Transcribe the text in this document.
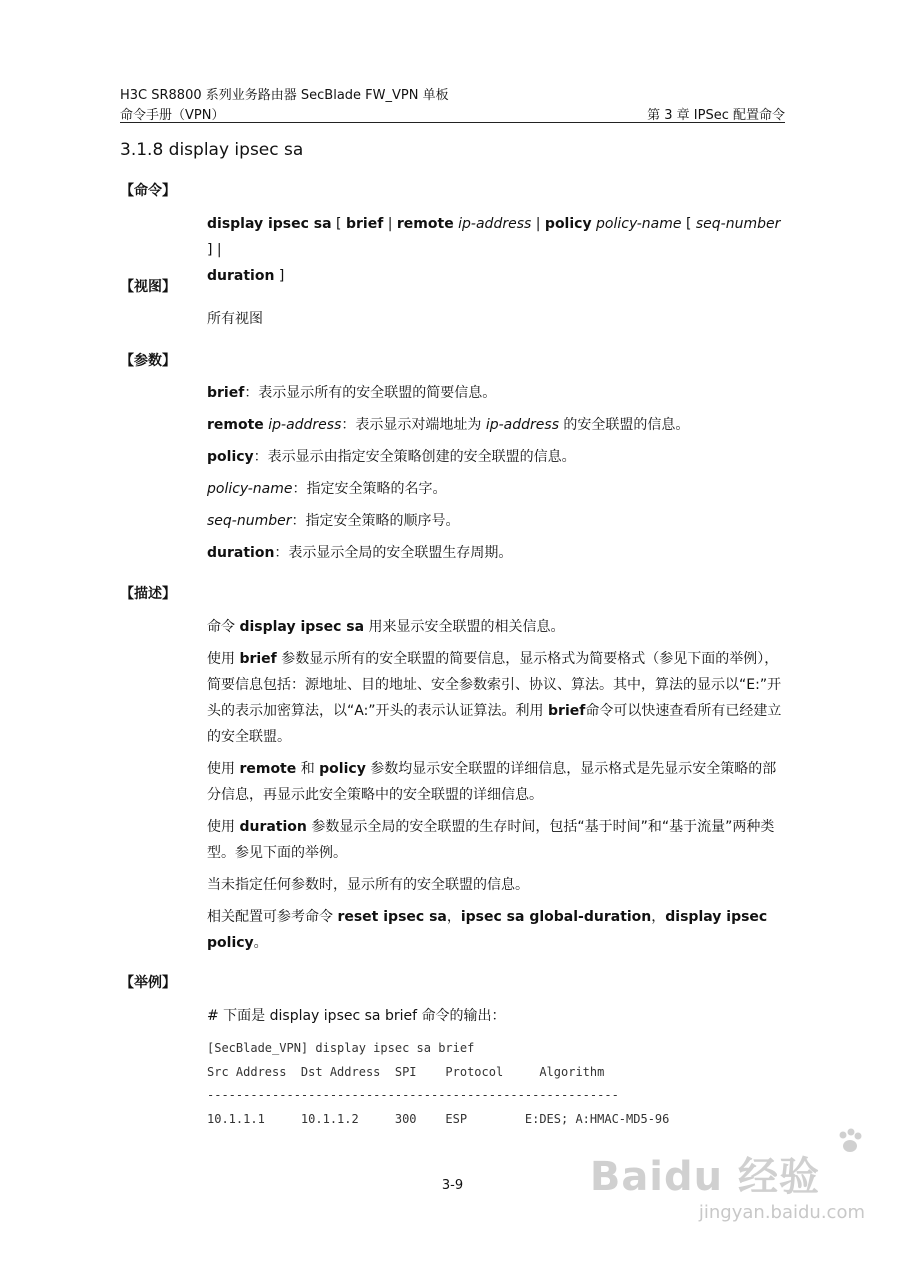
H3C SR8800 系列业务路由器 SecBlade FW_VPN 单板
命令手册（VPN）	第 3 章 IPSec 配置命令
3.1.8 display ipsec sa
【命令】
display ipsec sa [ brief | remote ip-address | policy policy-name [ seq-number ] |
duration ]
【视图】
所有视图
【参数】

brief：表示显示所有的安全联盟的简要信息。

remote ip-address：表示显示对端地址为 ip-address 的安全联盟的信息。

policy：表示显示由指定安全策略创建的安全联盟的信息。

policy-name：指定安全策略的名字。

seq-number：指定安全策略的顺序号。

duration：表示显示全局的安全联盟生存周期。

【描述】

命令 display ipsec sa 用来显示安全联盟的相关信息。

使用 brief 参数显示所有的安全联盟的简要信息，显示格式为简要格式（参见下面的举例），简要信息包括：源地址、目的地址、安全参数索引、协议、算法。其中，算法的显示以“E:”开头的表示加密算法，以“A:”开头的表示认证算法。利用 brief命令可以快速查看所有已经建立的安全联盟。

使用 remote 和 policy 参数均显示安全联盟的详细信息，显示格式是先显示安全策略的部分信息，再显示此安全策略中的安全联盟的详细信息。

使用 duration 参数显示全局的安全联盟的生存时间，包括“基于时间”和“基于流量”两种类型。参见下面的举例。

当未指定任何参数时，显示所有的安全联盟的信息。

相关配置可参考命令 reset ipsec sa，ipsec sa global-duration，display ipsec policy。

【举例】
# 下面是 display ipsec sa brief 命令的输出：
[SecBlade_VPN] display ipsec sa brief
Src Address  Dst Address  SPI    Protocol     Algorithm
---------------------------------------------------------
10.1.1.1     10.1.1.2     300    ESP        E:DES; A:HMAC-MD5-96
3-9	Baidu 经验
jingyan.baidu.com
